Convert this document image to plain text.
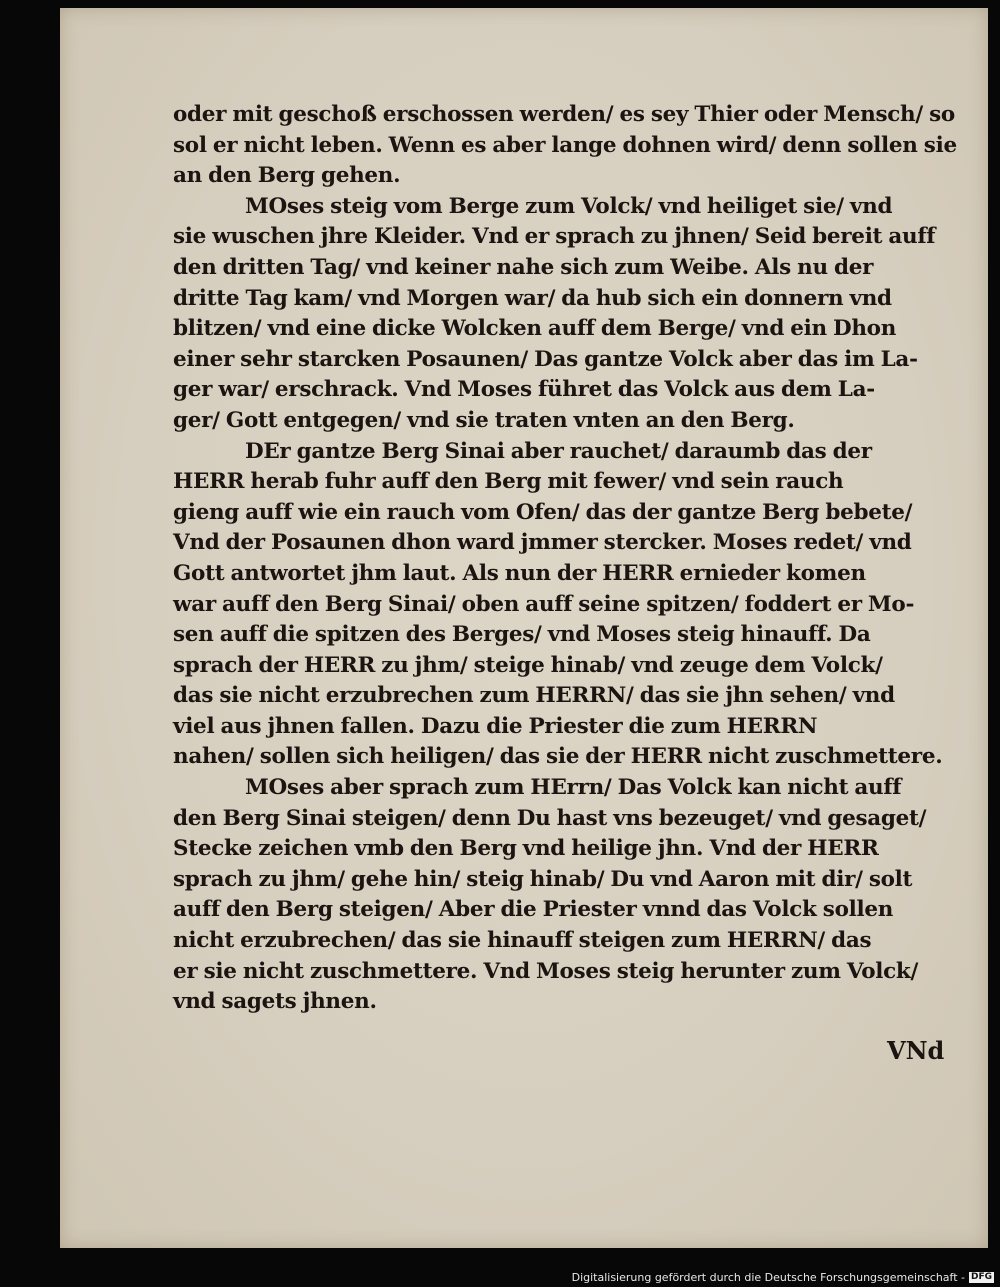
oder mit geschoß erschossen werden/ es sey Thier oder Mensch/ so
sol er nicht leben. Wenn es aber lange dohnen wird/ denn sollen sie
an den Berg gehen.
MOses steig vom Berge zum Volck/ vnd heiliget sie/ vnd
sie wuschen jhre Kleider. Vnd er sprach zu jhnen/ Seid bereit auff
den dritten Tag/ vnd keiner nahe sich zum Weibe. Als nu der
dritte Tag kam/ vnd Morgen war/ da hub sich ein donnern vnd
blitzen/ vnd eine dicke Wolcken auff dem Berge/ vnd ein Dhon
einer sehr starcken Posaunen/ Das gantze Volck aber das im La-
ger war/ erschrack. Vnd Moses führet das Volck aus dem La-
ger/ Gott entgegen/ vnd sie traten vnten an den Berg.
DEr gantze Berg Sinai aber rauchet/ daraumb das der
HERR herab fuhr auff den Berg mit fewer/ vnd sein rauch
gieng auff wie ein rauch vom Ofen/ das der gantze Berg bebete/
Vnd der Posaunen dhon ward jmmer stercker. Moses redet/ vnd
Gott antwortet jhm laut. Als nun der HERR ernieder komen
war auff den Berg Sinai/ oben auff seine spitzen/ foddert er Mo-
sen auff die spitzen des Berges/ vnd Moses steig hinauff. Da
sprach der HERR zu jhm/ steige hinab/ vnd zeuge dem Volck/
das sie nicht erzubrechen zum HERRN/ das sie jhn sehen/ vnd
viel aus jhnen fallen. Dazu die Priester die zum HERRN
nahen/ sollen sich heiligen/ das sie der HERR nicht zuschmettere.
MOses aber sprach zum HErrn/ Das Volck kan nicht auff
den Berg Sinai steigen/ denn Du hast vns bezeuget/ vnd gesaget/
Stecke zeichen vmb den Berg vnd heilige jhn. Vnd der HERR
sprach zu jhm/ gehe hin/ steig hinab/ Du vnd Aaron mit dir/ solt
auff den Berg steigen/ Aber die Priester vnnd das Volck sollen
nicht erzubrechen/ das sie hinauff steigen zum HERRN/ das
er sie nicht zuschmettere. Vnd Moses steig herunter zum Volck/
vnd sagets jhnen.
VNd
Digitalisierung gefördert durch die Deutsche Forschungsgemeinschaft - DFG
